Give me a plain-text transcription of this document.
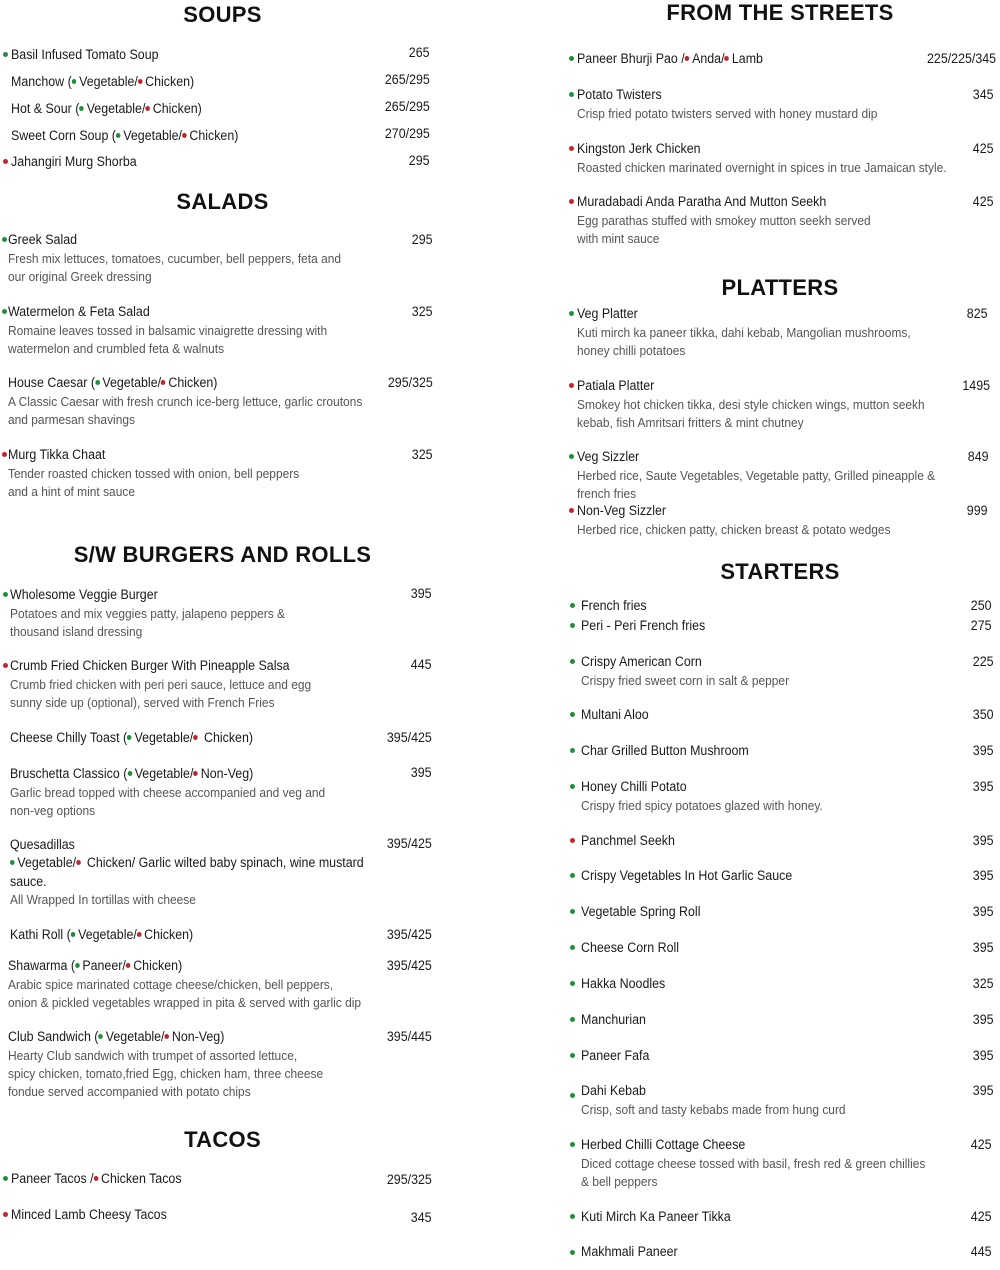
SOUPS
Basil Infused Tomato Soup	265
Manchow ( Vegetable/ Chicken)	265/295
Hot & Sour ( Vegetable/ Chicken)	265/295
Sweet Corn Soup ( Vegetable/ Chicken)	270/295
Jahangiri Murg Shorba	295
SALADS
Greek Salad	295
Fresh mix lettuces, tomatoes, cucumber, bell peppers, feta and
our original Greek dressing
Watermelon & Feta Salad	325
Romaine leaves tossed in balsamic vinaigrette dressing with
watermelon and crumbled feta & walnuts
House Caesar ( Vegetable/ Chicken)	295/325
A Classic Caesar with fresh crunch ice-berg lettuce, garlic croutons
and parmesan shavings
Murg Tikka Chaat	325
Tender roasted chicken tossed with onion, bell peppers
and a hint of mint sauce
S/W BURGERS AND ROLLS
Wholesome Veggie Burger	395
Potatoes and mix veggies patty, jalapeno peppers &
thousand island dressing
Crumb Fried Chicken Burger With Pineapple Salsa	445
Crumb fried chicken with peri peri sauce, lettuce and egg
sunny side up (optional), served with French Fries
Cheese Chilly Toast ( Vegetable/ Chicken)	395/425
Bruschetta Classico ( Vegetable/ Non-Veg)	395
Garlic bread topped with cheese accompanied and veg and
non-veg options
Quesadillas	395/425
Vegetable/ Chicken/ Garlic wilted baby spinach, wine mustard
sauce.
All Wrapped In tortillas with cheese
Kathi Roll ( Vegetable/ Chicken)	395/425
Shawarma ( Paneer/ Chicken)	395/425
Arabic spice marinated cottage cheese/chicken, bell peppers,
onion & pickled vegetables wrapped in pita & served with garlic dip
Club Sandwich ( Vegetable/ Non-Veg)	395/445
Hearty Club sandwich with trumpet of assorted lettuce,
spicy chicken, tomato,fried Egg, chicken ham, three cheese
fondue served accompanied with potato chips
TACOS
Paneer Tacos / Chicken Tacos	295/325
Minced Lamb Cheesy Tacos	345
FROM THE STREETS
Paneer Bhurji Pao / Anda/ Lamb	225/225/345
Potato Twisters	345
Crisp fried potato twisters served with honey mustard dip
Kingston Jerk Chicken	425
Roasted chicken marinated overnight in spices in true Jamaican style.
Muradabadi Anda Paratha And Mutton Seekh	425
Egg parathas stuffed with smokey mutton seekh served
with mint sauce
PLATTERS
Veg Platter	825
Kuti mirch ka paneer tikka, dahi kebab, Mangolian mushrooms,
honey chilli potatoes
Patiala Platter	1495
Smokey hot chicken tikka, desi style chicken wings, mutton seekh
kebab, fish Amritsari fritters & mint chutney
Veg Sizzler	849
Herbed rice, Saute Vegetables, Vegetable patty, Grilled pineapple & french fries
Non-Veg Sizzler	999
Herbed rice, chicken patty, chicken breast & potato wedges
STARTERS
French fries	250
Peri - Peri French fries	275
Crispy American Corn	225
Crispy fried sweet corn in salt & pepper
Multani Aloo	350
Char Grilled Button Mushroom	395
Honey Chilli Potato	395
Crispy fried spicy potatoes glazed with honey.
Panchmel Seekh	395
Crispy Vegetables In Hot Garlic Sauce	395
Vegetable Spring Roll	395
Cheese Corn Roll	395
Hakka Noodles	325
Manchurian	395
Paneer Fafa	395
Dahi Kebab	395
Crisp, soft and tasty kebabs made from hung curd
Herbed Chilli Cottage Cheese	425
Diced cottage cheese tossed with basil, fresh red & green chillies
& bell peppers
Kuti Mirch Ka Paneer Tikka	425
Makhmali Paneer	445
